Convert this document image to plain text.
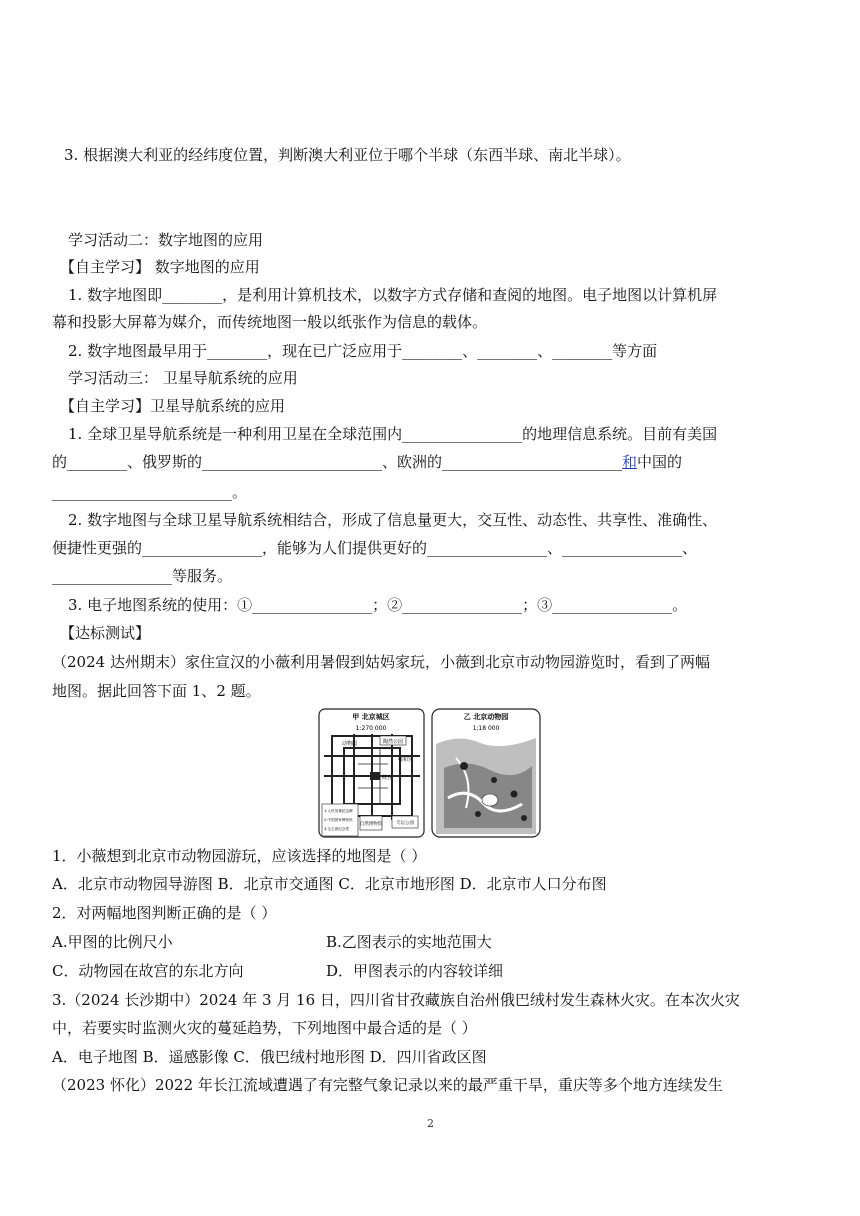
3. 根据澳大利亚的经纬度位置，判断澳大利亚位于哪个半球（东西半球、南北半球）。
学习活动二：数字地图的应用
【自主学习】 数字地图的应用
1. 数字地图即________，是利用计算机技术，以数字方式存储和查阅的地图。电子地图以计算机屏
幕和投影大屏幕为媒介，而传统地图一般以纸张作为信息的载体。
2. 数字地图最早用于________，现在已广泛应用于________、________、________等方面
学习活动三： 卫星导航系统的应用
【自主学习】卫星导航系统的应用
1. 全球卫星导航系统是一种利用卫星在全球范围内________________的地理信息系统。目前有美国
的________、俄罗斯的________________________、欧洲的________________________和中国的
________________________。
2. 数字地图与全球卫星导航系统相结合，形成了信息量更大，交互性、动态性、共享性、准确性、
便捷性更强的________________，能够为人们提供更好的________________、________________、
________________等服务。
3. 电子地图系统的使用：①________________；②________________；③________________。
【达标测试】
（2024 达州期末）家住宣汉的小薇利用暑假到姑妈家玩，小薇到北京市动物园游览时，看到了两幅
地图。据此回答下面 1、2 题。
甲 北京城区
1:270 000
陶然公园
动物园
雍和宫
故宫
1.人民英雄纪念碑
2.中国国家博物馆
3.毛主席纪念堂
自然博物馆	天坛公园
乙 北京动物园
1:18 000
1．小薇想到北京市动物园游玩，应该选择的地图是（ ）
A．北京市动物园导游图 B．北京市交通图 C．北京市地形图 D．北京市人口分布图
2．对两幅地图判断正确的是（ ）
A.甲图的比例尺小	B.乙图表示的实地范围大
C．动物园在故宫的东北方向	D．甲图表示的内容较详细
3.（2024 长沙期中）2024 年 3 月 16 日，四川省甘孜藏族自治州俄巴绒村发生森林火灾。在本次火灾
中，若要实时监测火灾的蔓延趋势，下列地图中最合适的是（ ）
A．电子地图 B．遥感影像 C．俄巴绒村地形图 D．四川省政区图
（2023 怀化）2022 年长江流域遭遇了有完整气象记录以来的最严重干旱，重庆等多个地方连续发生
2
